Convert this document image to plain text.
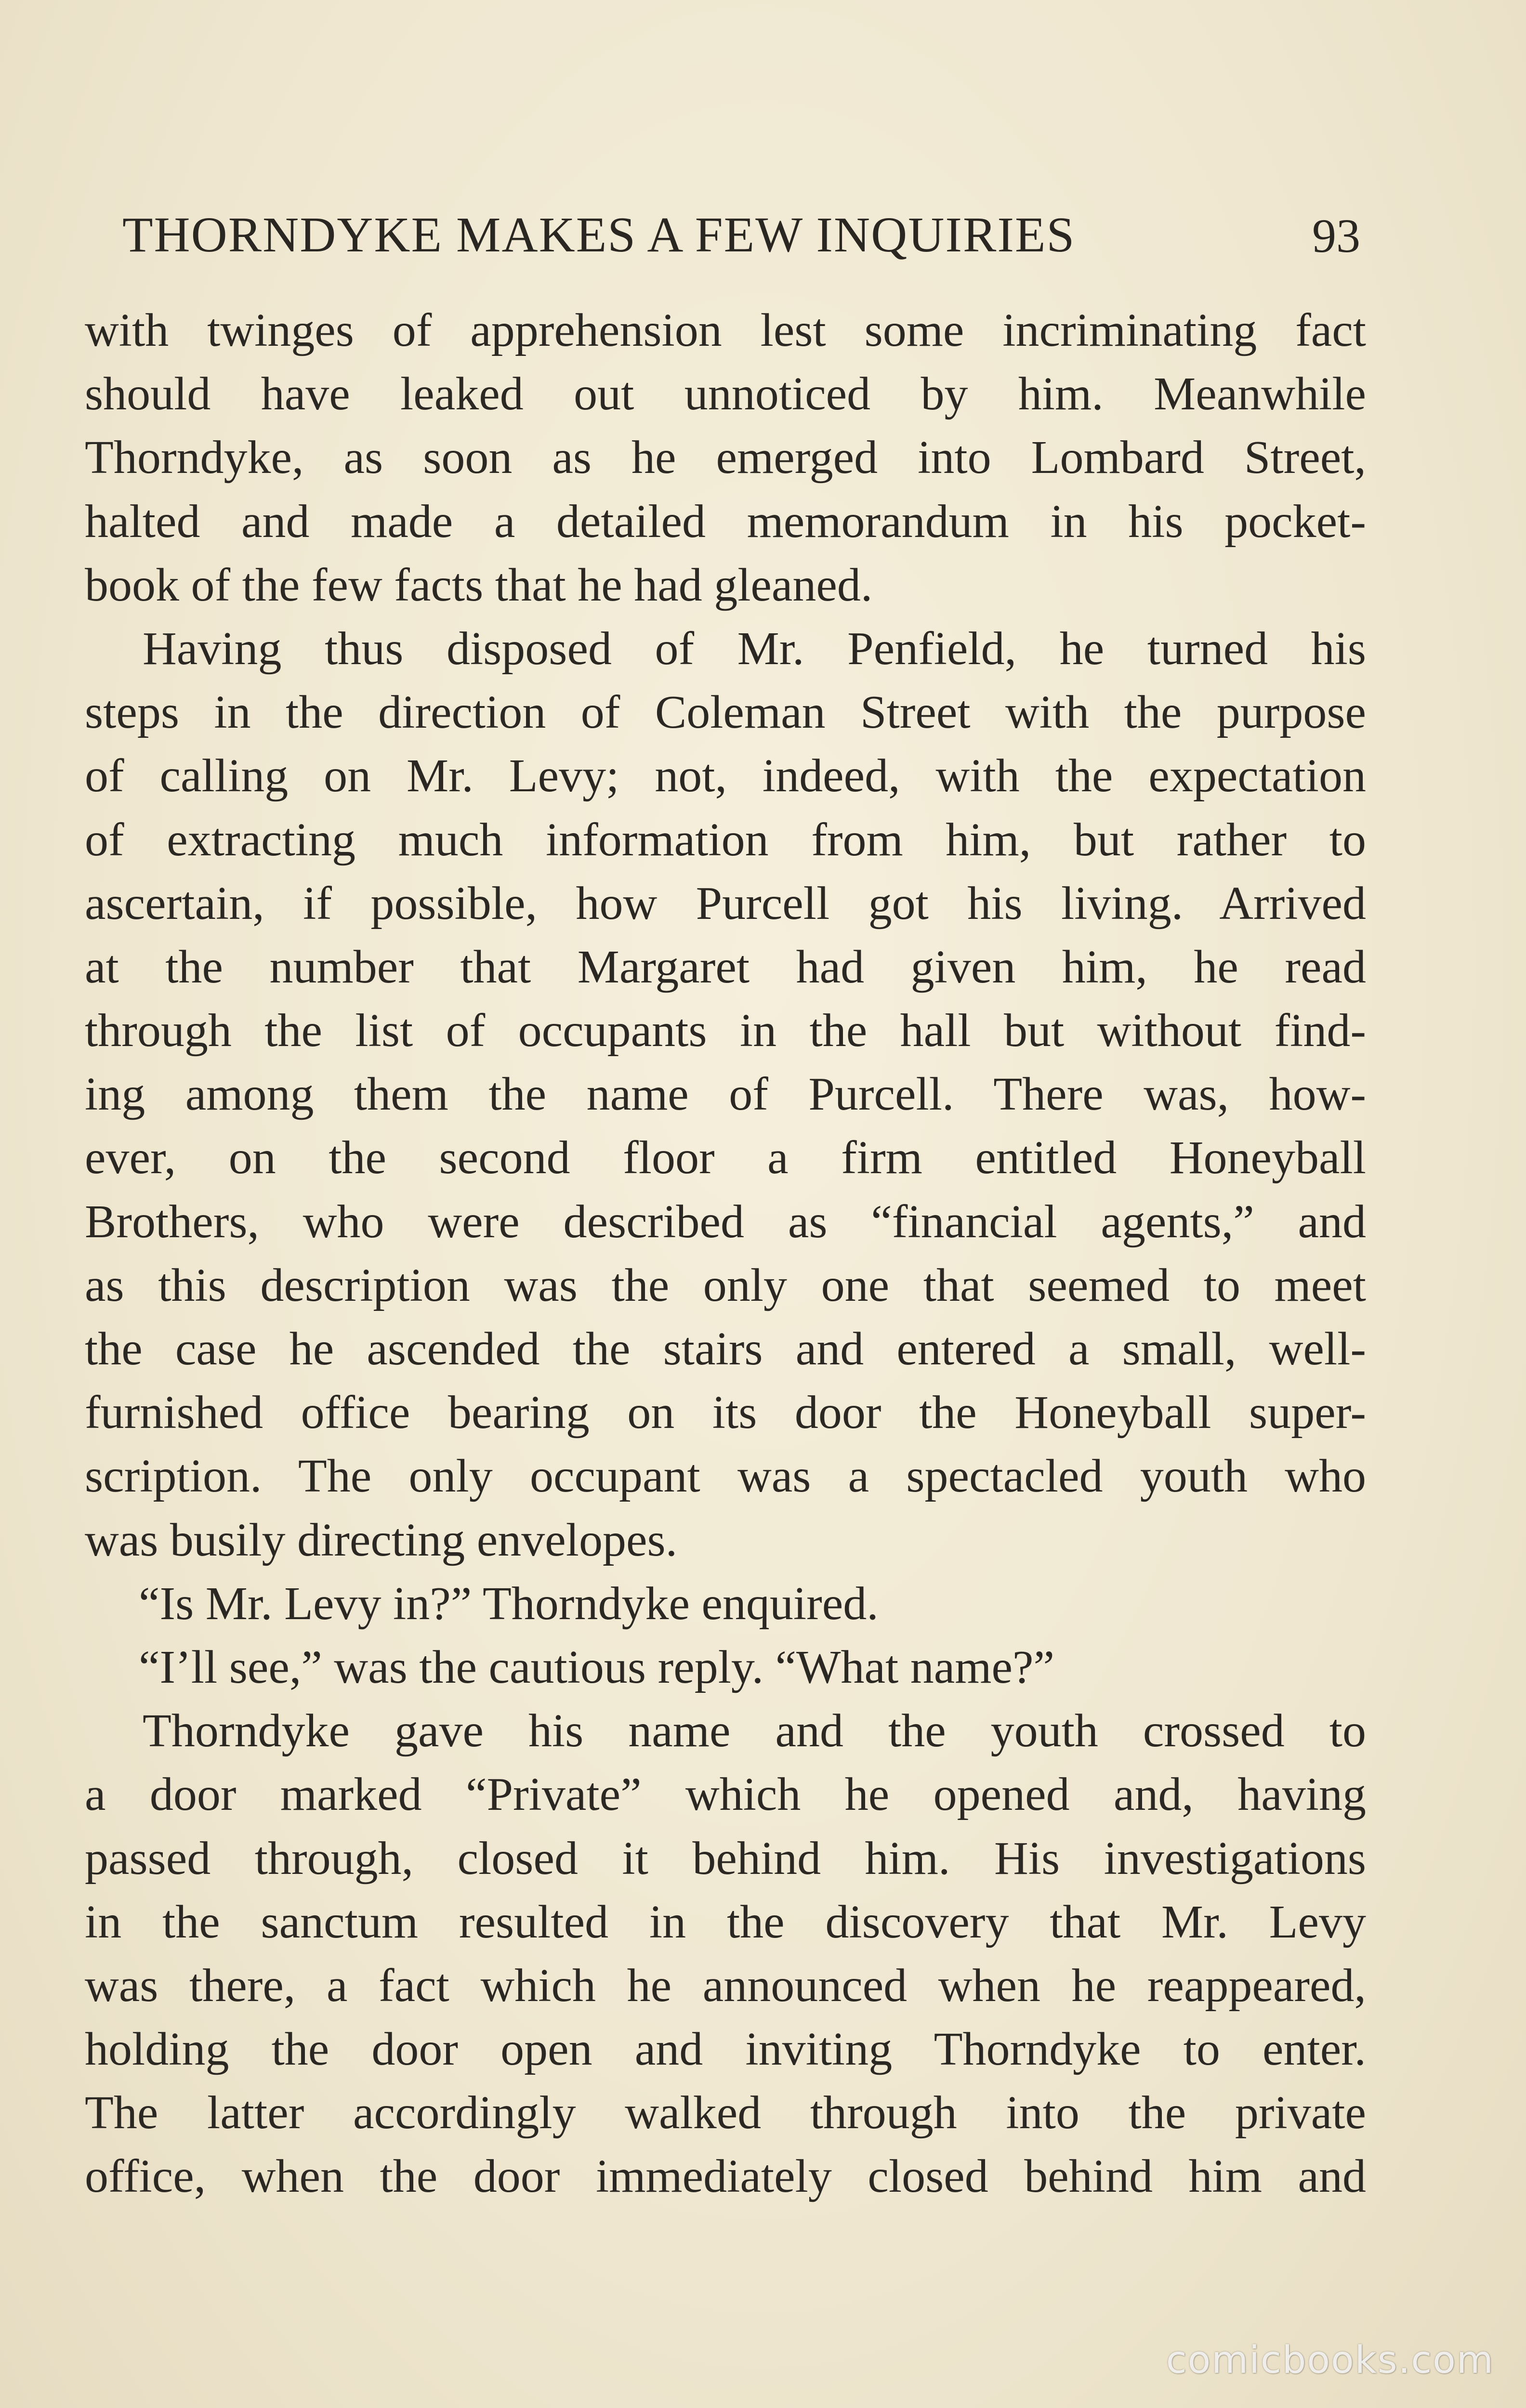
THORNDYKE MAKES A FEW INQUIRIES	93
with twinges of apprehension lest some incriminating fact
should have leaked out unnoticed by him. Meanwhile
Thorndyke, as soon as he emerged into Lombard Street,
halted and made a detailed memorandum in his pocket-
book of the few facts that he had gleaned.
Having thus disposed of Mr. Penfield, he turned his
steps in the direction of Coleman Street with the purpose
of calling on Mr. Levy; not, indeed, with the expectation
of extracting much information from him, but rather to
ascertain, if possible, how Purcell got his living. Arrived
at the number that Margaret had given him, he read
through the list of occupants in the hall but without find-
ing among them the name of Purcell. There was, how-
ever, on the second floor a firm entitled Honeyball
Brothers, who were described as “financial agents,” and
as this description was the only one that seemed to meet
the case he ascended the stairs and entered a small, well-
furnished office bearing on its door the Honeyball super-
scription. The only occupant was a spectacled youth who
was busily directing envelopes.
“Is Mr. Levy in?” Thorndyke enquired.
“I’ll see,” was the cautious reply. “What name?”
Thorndyke gave his name and the youth crossed to
a door marked “Private” which he opened and, having
passed through, closed it behind him. His investigations
in the sanctum resulted in the discovery that Mr. Levy
was there, a fact which he announced when he reappeared,
holding the door open and inviting Thorndyke to enter.
The latter accordingly walked through into the private
office, when the door immediately closed behind him and
comicbooks.com
